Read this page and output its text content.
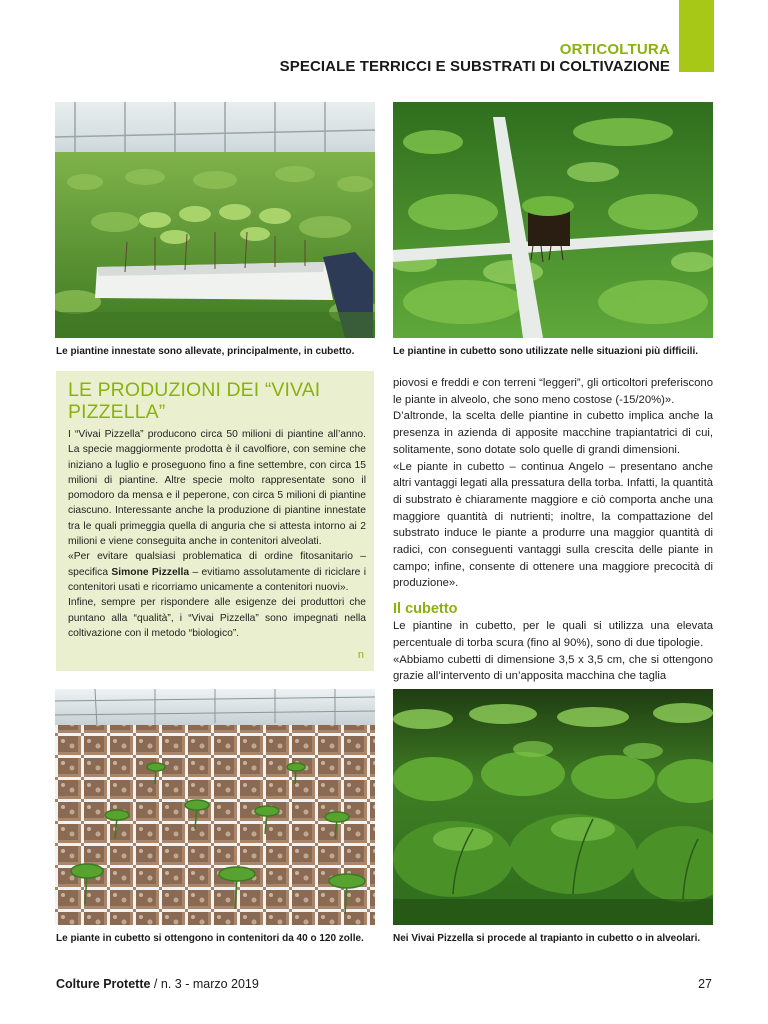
ORTICOLTURA
SPECIALE TERRICCI E SUBSTRATI DI COLTIVAZIONE
Le piantine innestate sono allevate, principalmente, in cubetto.	Le piantine in cubetto sono utilizzate nelle situazioni più difficili.
LE PRODUZIONI DEI “VIVAI PIZZELLA”

I “Vivai Pizzella” producono circa 50 milioni di piantine all’anno. La specie maggiormente prodotta è il cavolfiore, con semine che iniziano a luglio e proseguono fino a fine settembre, con circa 15 milioni di piantine. Altre specie molto rappresentate sono il pomodoro da mensa e il peperone, con circa 5 milioni di piantine ciascuno. Interessante anche la produzione di piantine innestate tra le quali primeggia quella di anguria che si attesta intorno ai 2 milioni e viene conseguita anche in contenitori alveolati.

«Per evitare qualsiasi problematica di ordine fitosanitario – specifica Simone Pizzella – evitiamo assolutamente di riciclare i contenitori usati e ricorriamo unicamente a contenitori nuovi».

Infine, sempre per rispondere alle esigenze dei produttori che puntano alla “qualità”, i “Vivai Pizzella” sono impegnati nella coltivazione con il metodo “biologico”.

n

piovosi e freddi e con terreni “leggeri”, gli orticoltori preferiscono le piante in alveolo, che sono meno costose (-15/20%)».

D’altronde, la scelta delle piantine in cubetto implica anche la presenza in azienda di apposite macchine trapiantatrici di cui, solitamente, sono dotate solo quelle di grandi dimensioni.

«Le piante in cubetto – continua Angelo – presentano anche altri vantaggi legati alla pressatura della torba. Infatti, la quantità di substrato è chiaramente maggiore e ciò comporta anche una maggiore quantità di nutrienti; inoltre, la compattazione del substrato induce le piante a produrre una maggior quantità di radici, con conseguenti vantaggi sulla crescita delle piante in campo; infine, consente di ottenere una maggiore precocità di produzione».

Il cubetto

Le piantine in cubetto, per le quali si utilizza una elevata percentuale di torba scura (fino al 90%), sono di due tipologie.

«Abbiamo cubetti di dimensione 3,5 x 3,5 cm, che si ottengono grazie all’intervento di un’apposita macchina che taglia

Le piante in cubetto si ottengono in contenitori da 40 o 120 zolle.	Nei Vivai Pizzella si procede al trapianto in cubetto o in alveolari.
Colture Protette / n. 3 - marzo 2019	27
